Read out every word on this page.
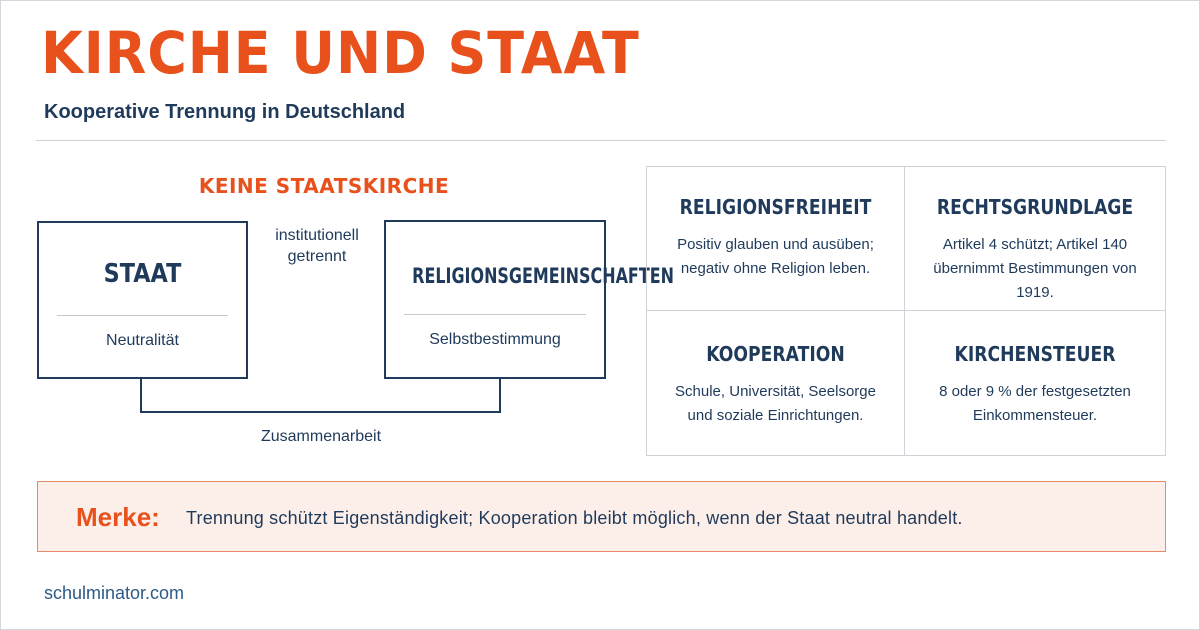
KIRCHE UND STAAT
Kooperative Trennung in Deutschland
KEINE STAATSKIRCHE
STAAT
Neutralität
institutionell
getrennt
RELIGIONSGEMEINSCHAFTEN
Selbstbestimmung
Zusammenarbeit
RELIGIONSFREIHEIT
Positiv glauben und ausüben;
negativ ohne Religion leben.
RECHTSGRUNDLAGE
Artikel 4 schützt; Artikel 140
übernimmt Bestimmungen von 1919.
KOOPERATION
Schule, Universität, Seelsorge
und soziale Einrichtungen.
KIRCHENSTEUER
8 oder 9 % der festgesetzten
Einkommensteuer.
Merke: Trennung schützt Eigenständigkeit; Kooperation bleibt möglich, wenn der Staat neutral handelt.
schulminator.com
